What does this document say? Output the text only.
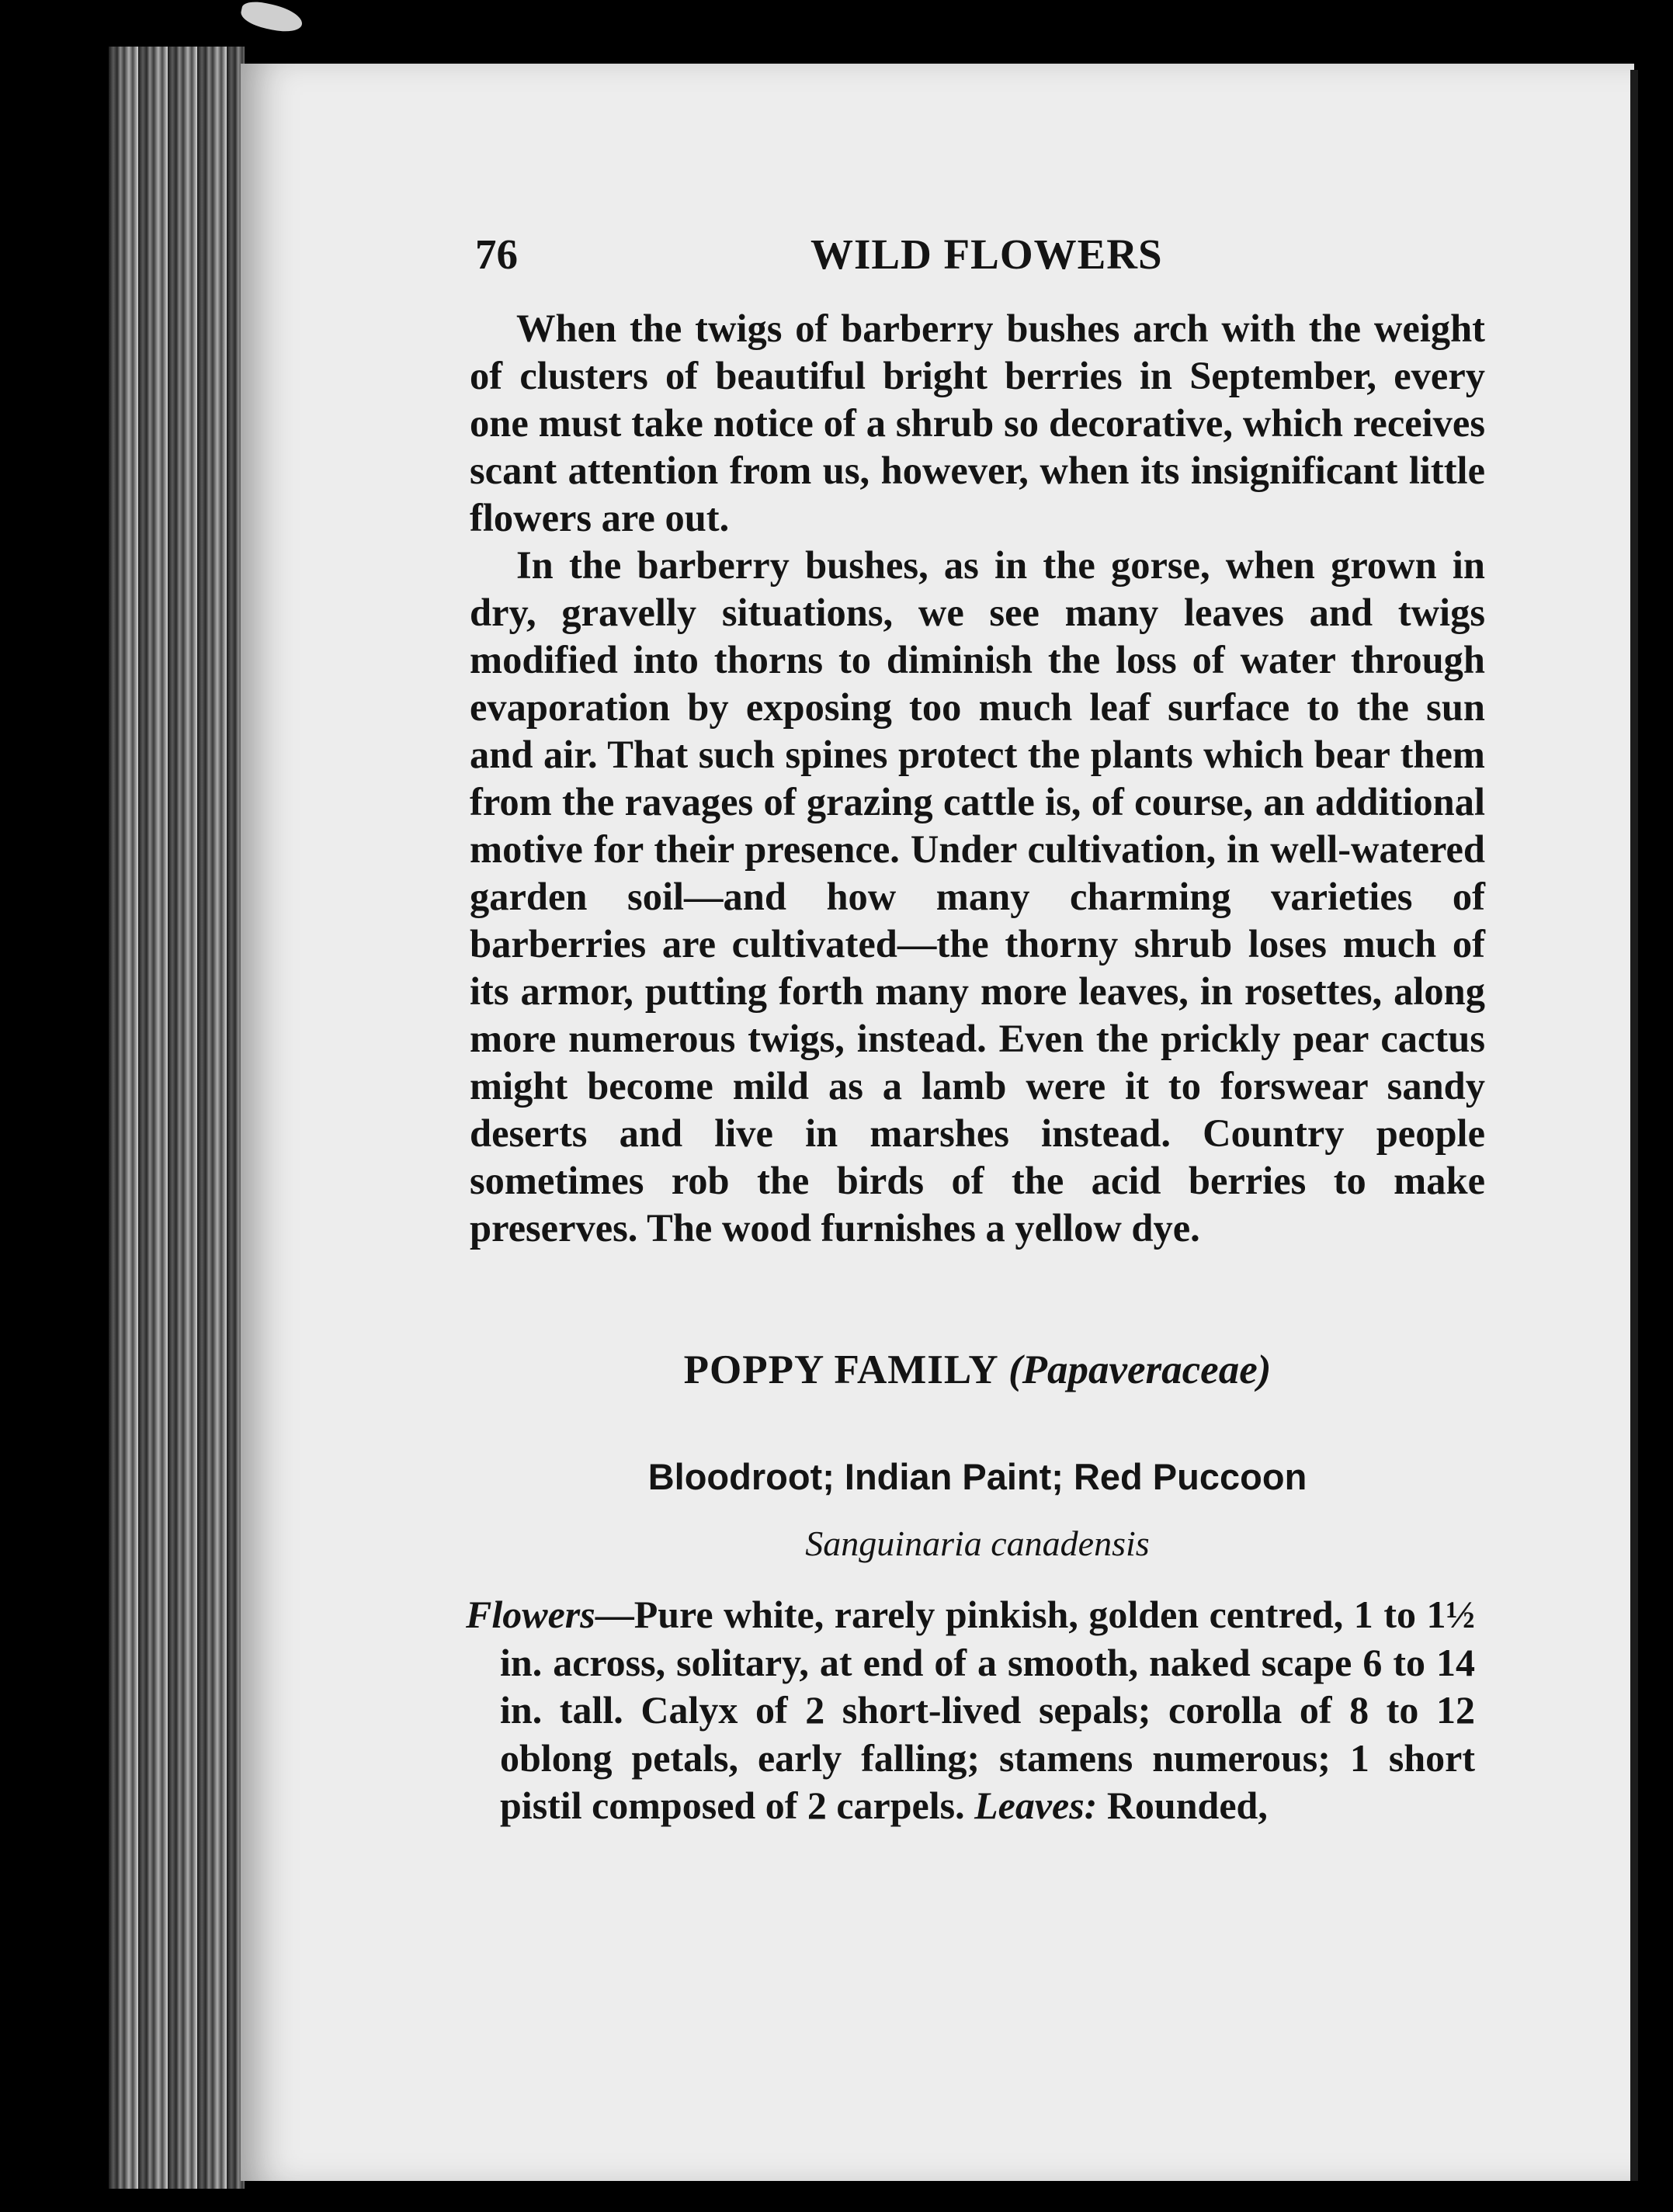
76	WILD FLOWERS

When the twigs of barberry bushes arch with the weight of clusters of beautiful bright berries in September, every one must take notice of a shrub so decorative, which receives scant attention from us, however, when its insignificant little flowers are out.

In the barberry bushes, as in the gorse, when grown in dry, gravelly situations, we see many leaves and twigs modified into thorns to diminish the loss of water through evaporation by exposing too much leaf surface to the sun and air. That such spines protect the plants which bear them from the ravages of grazing cattle is, of course, an additional motive for their presence. Under cultivation, in well-watered garden soil—and how many charming varieties of barberries are cultivated—the thorny shrub loses much of its armor, putting forth many more leaves, in rosettes, along more numerous twigs, instead. Even the prickly pear cactus might become mild as a lamb were it to forswear sandy deserts and live in marshes instead. Country people sometimes rob the birds of the acid berries to make preserves. The wood furnishes a yellow dye.

POPPY FAMILY (Papaveraceae)
Bloodroot; Indian Paint; Red Puccoon
Sanguinaria canadensis

Flowers—Pure white, rarely pinkish, golden centred, 1 to 1½ in. across, solitary, at end of a smooth, naked scape 6 to 14 in. tall. Calyx of 2 short-lived sepals; corolla of 8 to 12 oblong petals, early falling; stamens numerous; 1 short pistil composed of 2 carpels. Leaves: Rounded,
